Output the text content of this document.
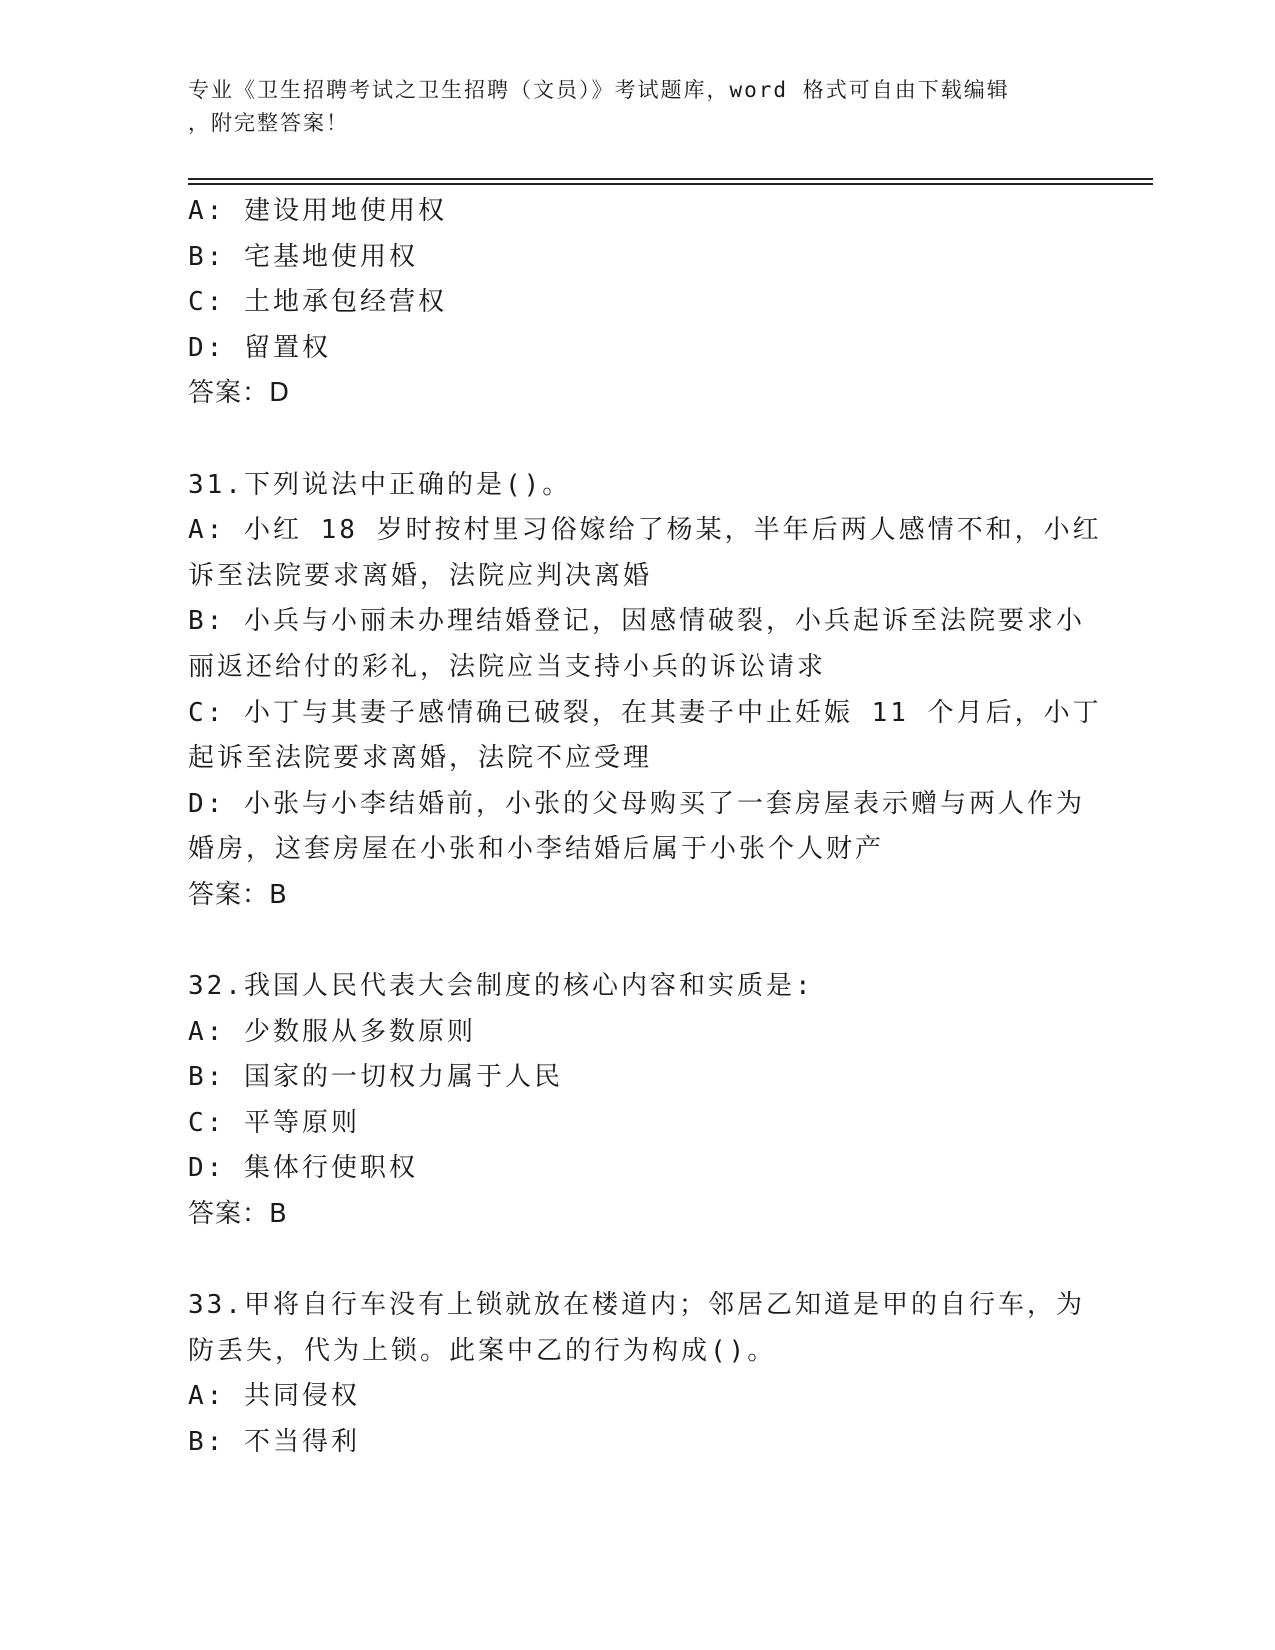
专业《卫生招聘考试之卫生招聘（文员）》考试题库，word 格式可自由下载编辑
，附完整答案！
A: 建设用地使用权
B: 宅基地使用权
C: 土地承包经营权
D: 留置权
答案：D
31.下列说法中正确的是()。
A: 小红 18 岁时按村里习俗嫁给了杨某，半年后两人感情不和，小红
诉至法院要求离婚，法院应判决离婚
B: 小兵与小丽未办理结婚登记，因感情破裂，小兵起诉至法院要求小
丽返还给付的彩礼，法院应当支持小兵的诉讼请求
C: 小丁与其妻子感情确已破裂，在其妻子中止妊娠 11 个月后，小丁
起诉至法院要求离婚，法院不应受理
D: 小张与小李结婚前，小张的父母购买了一套房屋表示赠与两人作为
婚房，这套房屋在小张和小李结婚后属于小张个人财产
答案：B
32.我国人民代表大会制度的核心内容和实质是:
A: 少数服从多数原则
B: 国家的一切权力属于人民
C: 平等原则
D: 集体行使职权
答案：B
33.甲将自行车没有上锁就放在楼道内；邻居乙知道是甲的自行车，为
防丢失，代为上锁。此案中乙的行为构成()。
A: 共同侵权
B: 不当得利
